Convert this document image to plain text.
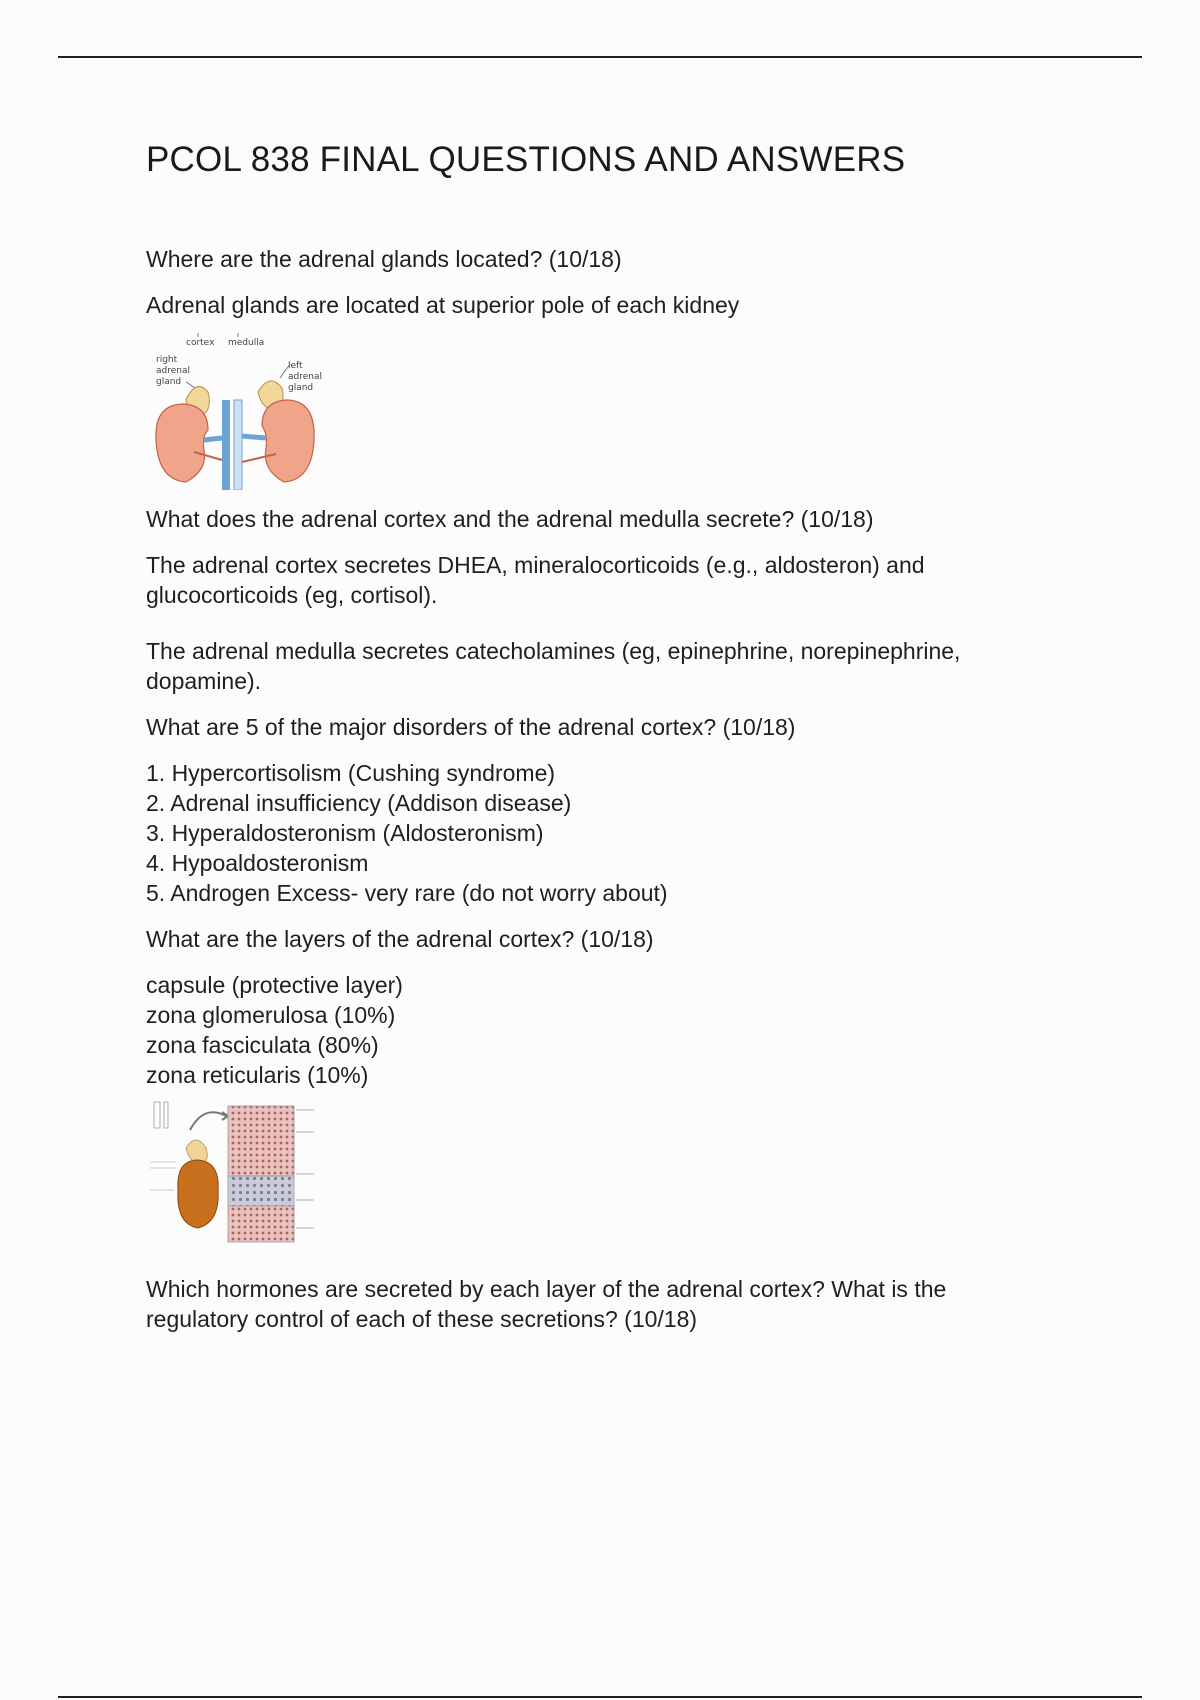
PCOL 838 FINAL QUESTIONS AND ANSWERS
Where are the adrenal glands located? (10/18)
Adrenal glands are located at superior pole of each kidney
cortex medulla
right
adrenal
gland
left
adrenal
gland
What does the adrenal cortex and the adrenal medulla secrete? (10/18)
The adrenal cortex secretes DHEA, mineralocorticoids (e.g., aldosteron) and
glucocorticoids (eg, cortisol).
The adrenal medulla secretes catecholamines (eg, epinephrine, norepinephrine,
dopamine).
What are 5 of the major disorders of the adrenal cortex? (10/18)
1. Hypercortisolism (Cushing syndrome)
2. Adrenal insufficiency (Addison disease)
3. Hyperaldosteronism (Aldosteronism)
4. Hypoaldosteronism
5. Androgen Excess- very rare (do not worry about)
What are the layers of the adrenal cortex? (10/18)
capsule (protective layer)
zona glomerulosa (10%)
zona fasciculata (80%)
zona reticularis (10%)
Which hormones are secreted by each layer of the adrenal cortex? What is the
regulatory control of each of these secretions? (10/18)
